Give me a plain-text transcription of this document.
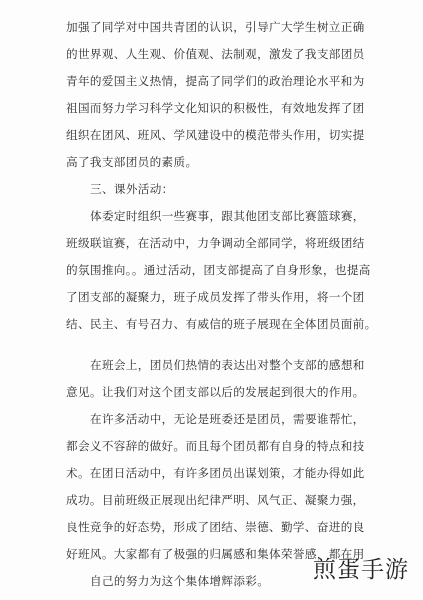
加强了同学对中国共青团的认识，引导广大学生树立正确

的世界观、人生观、价值观、法制观，激发了我支部团员

青年的爱国主义热情，提高了同学们的政治理论水平和为

祖国而努力学习科学文化知识的积极性，有效地发挥了团

组织在团风、班风、学风建设中的模范带头作用，切实提

高了我支部团员的素质。

三、课外活动：

体委定时组织一些赛事，跟其他团支部比赛篮球赛，

班级联谊赛，在活动中，力争调动全部同学，将班级团结

的氛围推向。。通过活动，团支部提高了自身形象，也提高

了团支部的凝聚力，班子成员发挥了带头作用，将一个团

结、民主、有号召力、有威信的班子展现在全体团员面前。

在班会上，团员们热情的表达出对整个支部的感想和

意见。让我们对这个团支部以后的发展起到很大的作用。

在许多活动中，无论是班委还是团员，需要谁帮忙，

都会义不容辞的做好。而且每个团员都有自身的特点和技

术。在团日活动中，有许多团员出谋划策，才能办得如此

成功。目前班级正展现出纪律严明、风气正、凝聚力强，

良性竞争的好态势，形成了团结、崇德、勤学、奋进的良

好班风。大家都有了极强的归属感和集体荣誉感，都在用

自己的努力为这个集体增辉添彩。 煎蛋手游
